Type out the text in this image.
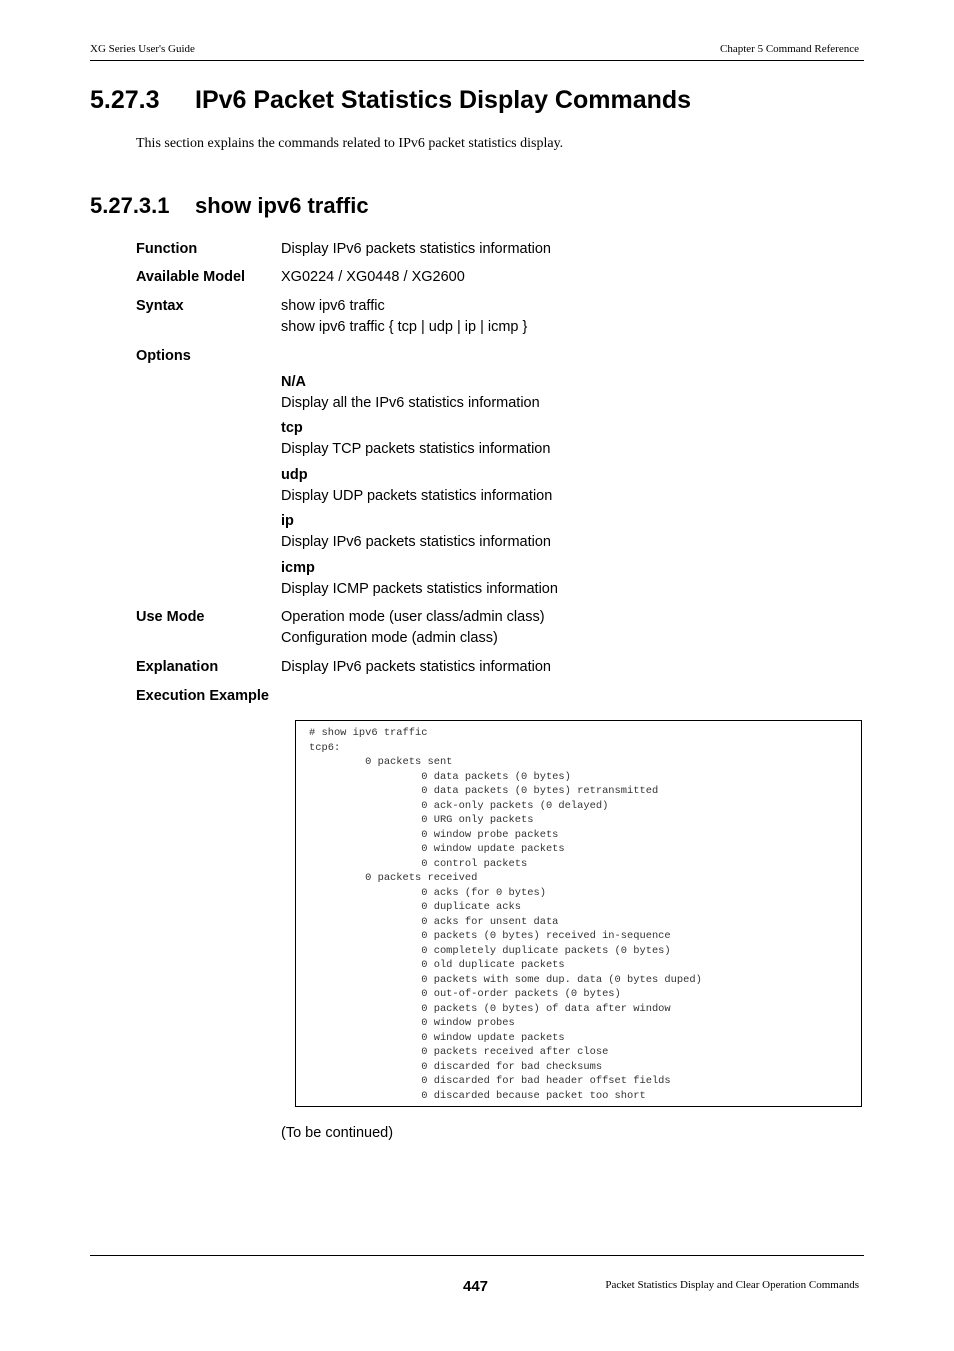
XG Series User's Guide	Chapter 5 Command Reference
5.27.3 IPv6 Packet Statistics Display Commands

This section explains the commands related to IPv6 packet statistics display.

5.27.3.1 show ipv6 traffic
Function	Display IPv6 packets statistics information
Available Model XG0224 / XG0448 / XG2600
Syntax	show ipv6 traffic
show ipv6 traffic { tcp | udp | ip | icmp }
Options
N/A
Display all the IPv6 statistics information
tcp
Display TCP packets statistics information
udp
Display UDP packets statistics information
ip
Display IPv6 packets statistics information
icmp
Display ICMP packets statistics information
Use Mode	Operation mode (user class/admin class)
Configuration mode (admin class)
Explanation	Display IPv6 packets statistics information
Execution Example
# show ipv6 traffic
tcp6:
0 packets sent
0 data packets (0 bytes)
0 data packets (0 bytes) retransmitted
0 ack-only packets (0 delayed)
0 URG only packets
0 window probe packets
0 window update packets
0 control packets
0 packets received
0 acks (for 0 bytes)
0 duplicate acks
0 acks for unsent data
0 packets (0 bytes) received in-sequence
0 completely duplicate packets (0 bytes)
0 old duplicate packets
0 packets with some dup. data (0 bytes duped)
0 out-of-order packets (0 bytes)
0 packets (0 bytes) of data after window
0 window probes
0 window update packets
0 packets received after close
0 discarded for bad checksums
0 discarded for bad header offset fields
0 discarded because packet too short
(To be continued)
447	Packet Statistics Display and Clear Operation Commands
